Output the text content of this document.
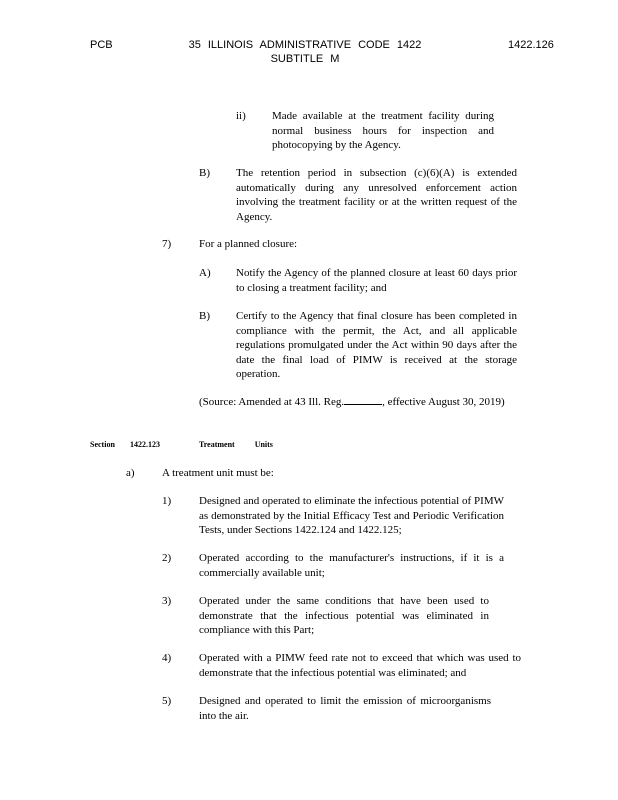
PCB	35 ILLINOIS ADMINISTRATIVE CODE 1422
SUBTITLE M
1422.126
ii) Made available at the treatment facility during normal business hours for inspection and photocopying by the Agency.
B) The retention period in subsection (c)(6)(A) is extended automatically during any unresolved enforcement action involving the treatment facility or at the written request of the Agency.
7)	For a planned closure:
A) Notify the Agency of the planned closure at least 60 days prior to closing a treatment facility; and
B) Certify to the Agency that final closure has been completed in compliance with the permit, the Act, and all applicable regulations promulgated under the Act within 90 days after the date the final load of PIMW is received at the storage operation.
(Source: Amended at 43 Ill. Reg.	, effective August 30, 2019)
Section 1422.123	Treatment Units
a) A treatment unit must be:
1)	Designed and operated to eliminate the infectious potential of PIMW as demonstrated by the Initial Efficacy Test and Periodic Verification Tests, under Sections 1422.124 and 1422.125;
2)	Operated according to the manufacturer's instructions, if it is a commercially available unit;
3)	Operated under the same conditions that have been used to demonstrate that the infectious potential was eliminated in compliance with this Part;
4)	Operated with a PIMW feed rate not to exceed that which was used to demonstrate that the infectious potential was eliminated; and
5)	Designed and operated to limit the emission of microorganisms into the air.
